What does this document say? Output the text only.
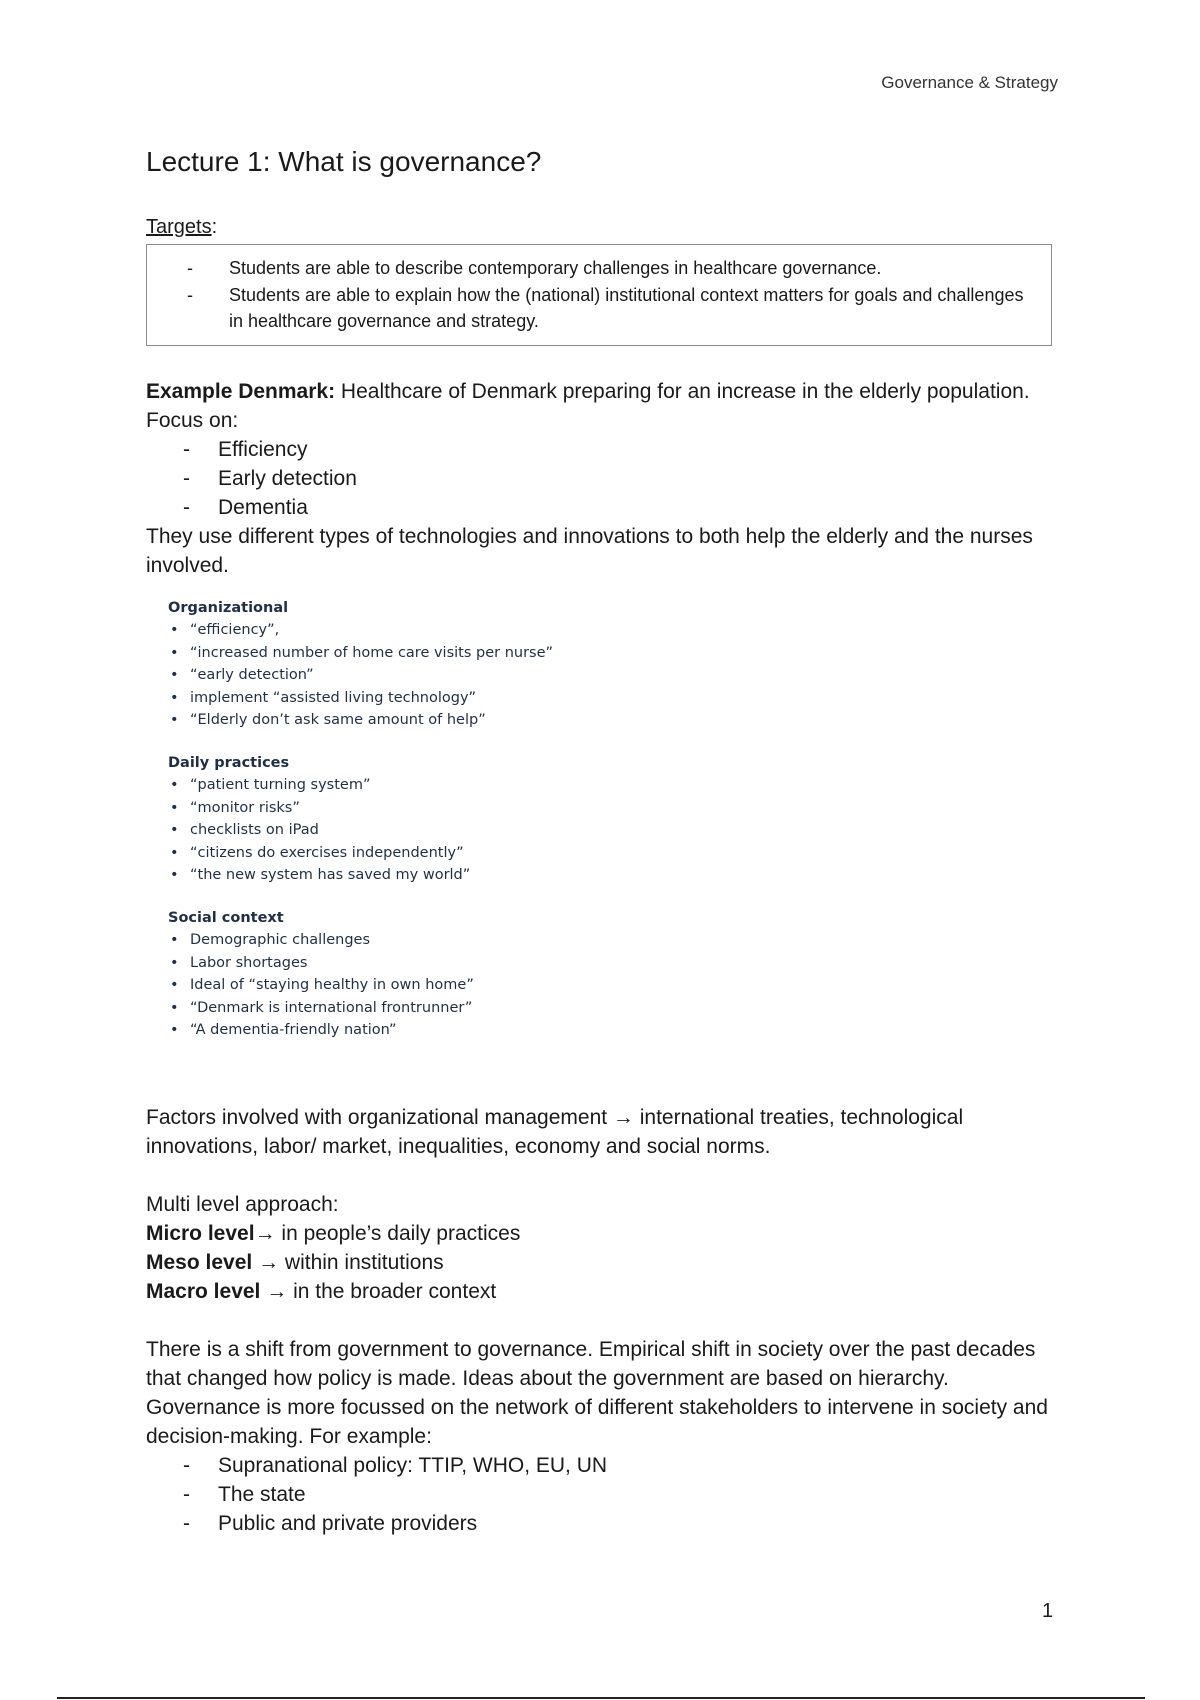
Governance & Strategy
Lecture 1: What is governance?
Targets:
- Students are able to describe contemporary challenges in healthcare governance.
- Students are able to explain how the (national) institutional context matters for goals and challenges in healthcare governance and strategy.

Example Denmark: Healthcare of Denmark preparing for an increase in the elderly population. Focus on:

- Efficiency
- Early detection
- Dementia

They use different types of technologies and innovations to both help the elderly and the nurses involved.

Organizational
• “efficiency”,
• “increased number of home care visits per nurse”
• “early detection”
• implement “assisted living technology”
• “Elderly don’t ask same amount of help”
Daily practices
• “patient turning system”
• “monitor risks”
• checklists on iPad
• “citizens do exercises independently”
• “the new system has saved my world”
Social context
• Demographic challenges
• Labor shortages
• Ideal of “staying healthy in own home”
• “Denmark is international frontrunner”
• “A dementia-friendly nation”

Factors involved with organizational management → international treaties, technological innovations, labor/ market, inequalities, economy and social norms.

Multi level approach:

Micro level→ in people’s daily practices

Meso level → within institutions

Macro level → in the broader context

There is a shift from government to governance. Empirical shift in society over the past decades that changed how policy is made. Ideas about the government are based on hierarchy. Governance is more focussed on the network of different stakeholders to intervene in society and decision-making. For example:

- Supranational policy: TTIP, WHO, EU, UN
- The state
- Public and private providers
1
